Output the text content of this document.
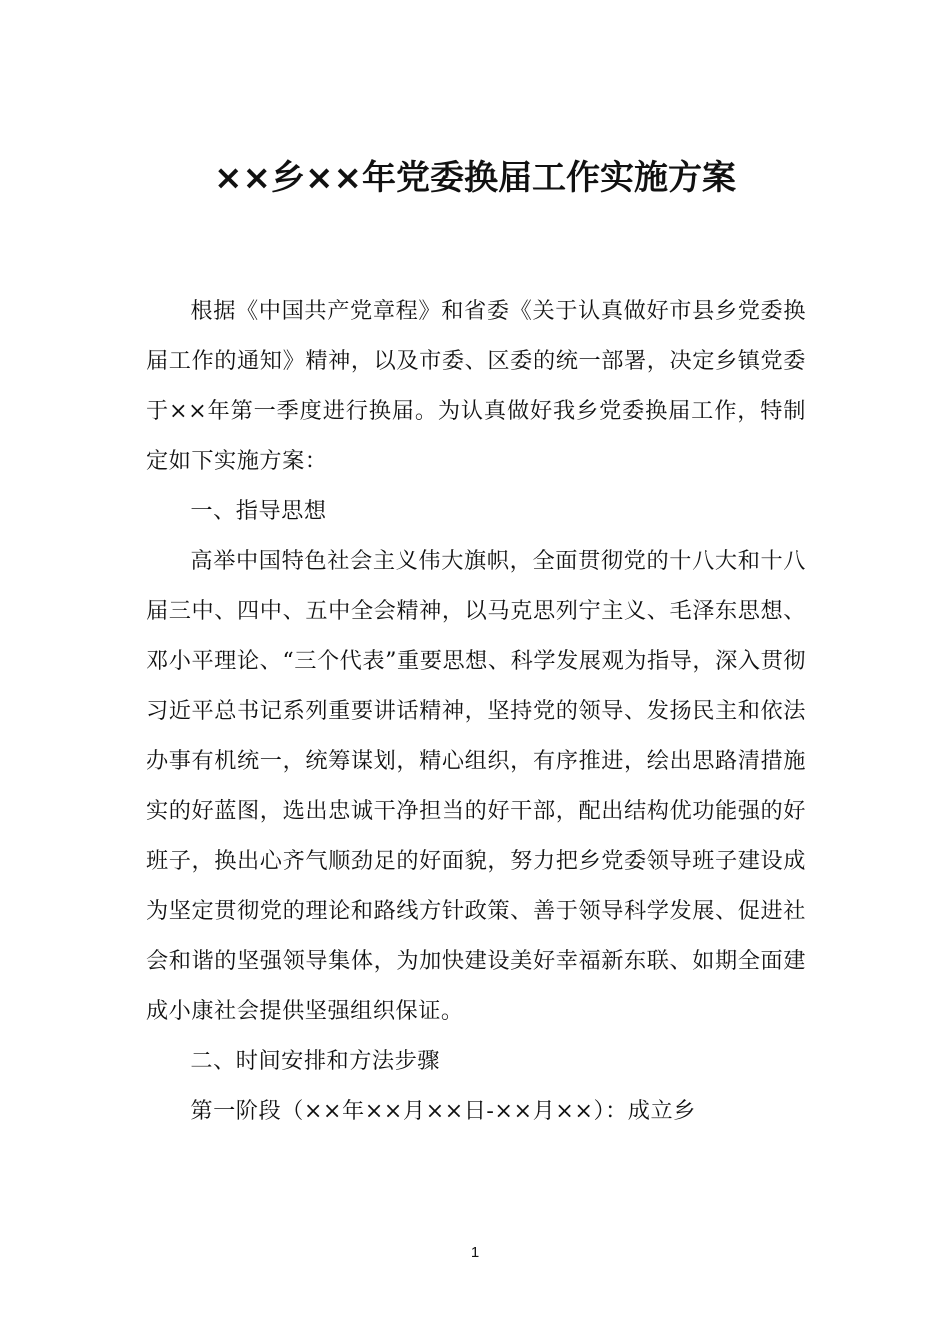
××乡××年党委换届工作实施方案

根据《中国共产党章程》和省委《关于认真做好市县乡党委换届工作的通知》精神，以及市委、区委的统一部署，决定乡镇党委于××年第一季度进行换届。为认真做好我乡党委换届工作，特制定如下实施方案：

一、指导思想

高举中国特色社会主义伟大旗帜，全面贯彻党的十八大和十八届三中、四中、五中全会精神，以马克思列宁主义、毛泽东思想、邓小平理论、“三个代表”重要思想、科学发展观为指导，深入贯彻习近平总书记系列重要讲话精神，坚持党的领导、发扬民主和依法办事有机统一，统筹谋划，精心组织，有序推进，绘出思路清措施实的好蓝图，选出忠诚干净担当的好干部，配出结构优功能强的好班子，换出心齐气顺劲足的好面貌，努力把乡党委领导班子建设成为坚定贯彻党的理论和路线方针政策、善于领导科学发展、促进社会和谐的坚强领导集体，为加快建设美好幸福新东联、如期全面建成小康社会提供坚强组织保证。

二、时间安排和方法步骤

第一阶段（××年××月××日-××月××）：成立乡

1
